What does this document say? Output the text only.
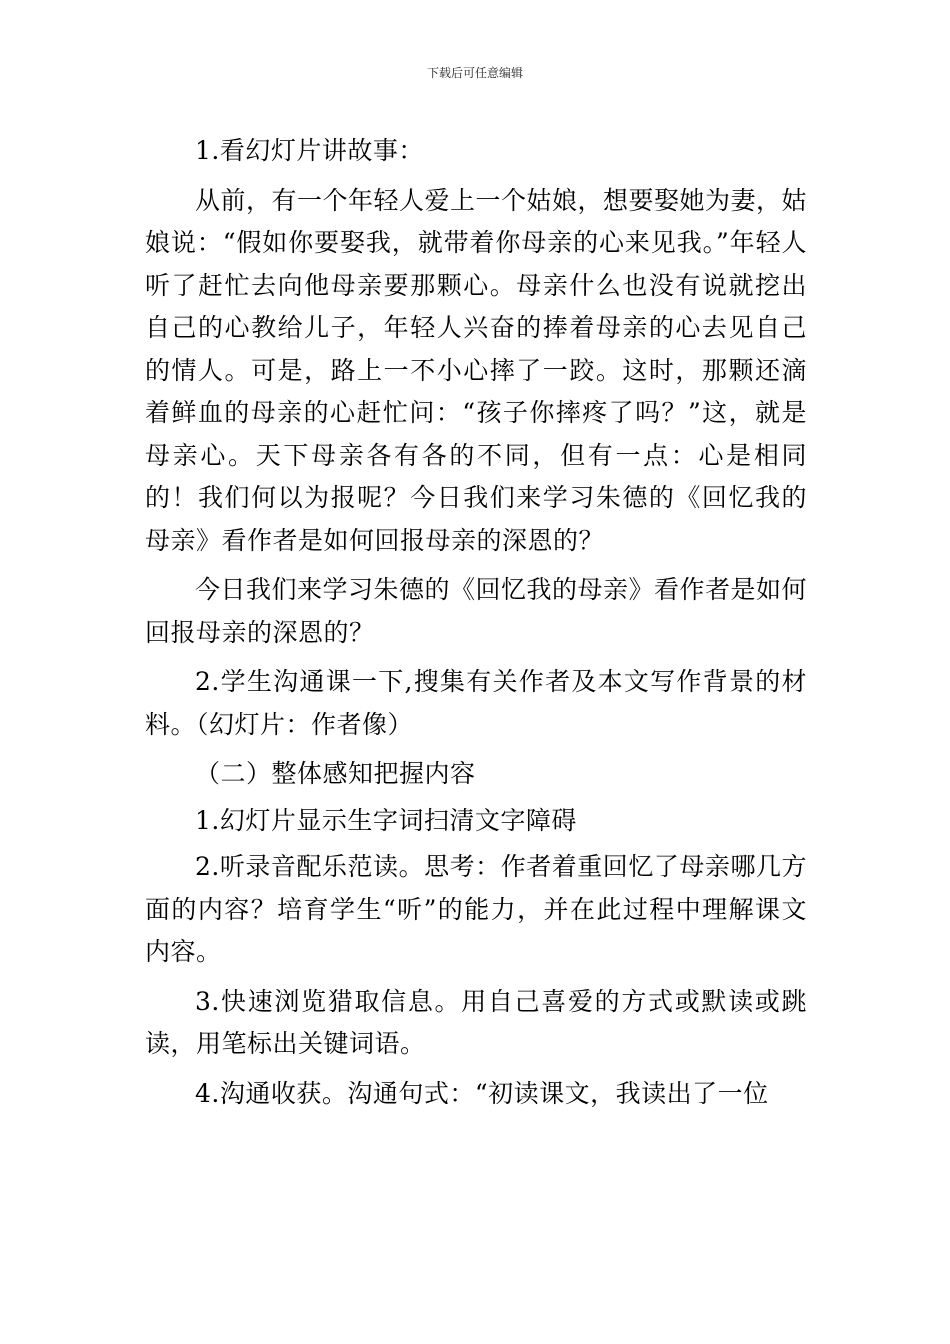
下载后可任意编辑

1.看幻灯片讲故事：

从前，有一个年轻人爱上一个姑娘，想要娶她为妻，姑娘说：“假如你要娶我，就带着你母亲的心来见我。”年轻人听了赶忙去向他母亲要那颗心。母亲什么也没有说就挖出自己的心教给儿子，年轻人兴奋的捧着母亲的心去见自己的情人。可是，路上一不小心摔了一跤。这时，那颗还滴着鲜血的母亲的心赶忙问：“孩子你摔疼了吗？”这，就是母亲心。天下母亲各有各的不同，但有一点：心是相同的！我们何以为报呢？今日我们来学习朱德的《回忆我的母亲》看作者是如何回报母亲的深恩的？

今日我们来学习朱德的《回忆我的母亲》看作者是如何回报母亲的深恩的？

2.学生沟通课一下,搜集有关作者及本文写作背景的材料。（幻灯片：作者像）

（二）整体感知把握内容

1.幻灯片显示生字词扫清文字障碍

2.听录音配乐范读。思考：作者着重回忆了母亲哪几方面的内容？培育学生“听”的能力，并在此过程中理解课文内容。

3.快速浏览猎取信息。用自己喜爱的方式或默读或跳读，用笔标出关键词语。

4.沟通收获。沟通句式：“初读课文，我读出了一位
